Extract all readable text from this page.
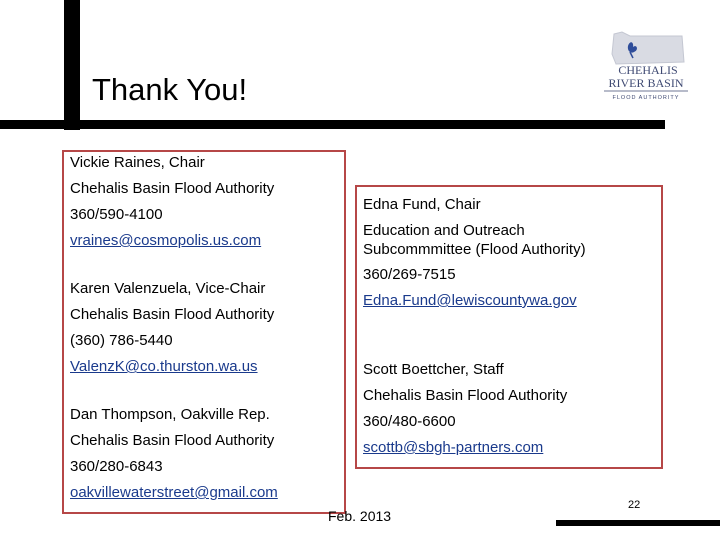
Thank You!
CHEHALIS
RIVER BASIN
FLOOD AUTHORITY
Vickie Raines, Chair
Chehalis Basin Flood Authority
360/590-4100
vraines@cosmopolis.us.com
Karen Valenzuela, Vice-Chair
Chehalis Basin Flood Authority
(360) 786-5440
ValenzK@co.thurston.wa.us
Dan Thompson, Oakville Rep.
Chehalis Basin Flood Authority
360/280-6843
oakvillewaterstreet@gmail.com
Edna Fund, Chair
Education and Outreach
Subcommmittee (Flood Authority)
360/269-7515
Edna.Fund@lewiscountywa.gov
Scott Boettcher, Staff
Chehalis Basin Flood Authority
360/480-6600
scottb@sbgh-partners.com
Feb. 2013
22
